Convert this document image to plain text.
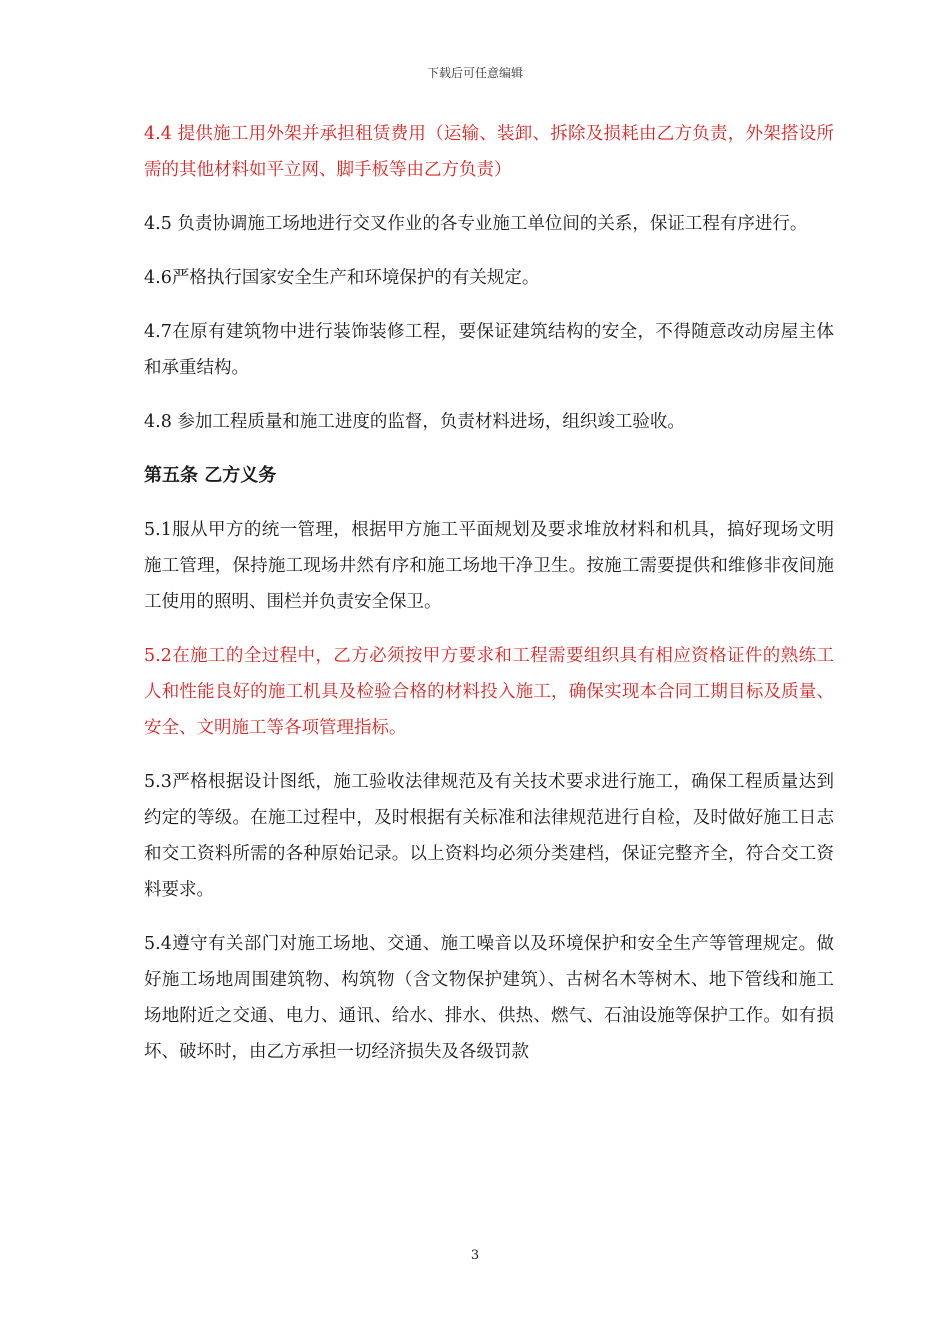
下载后可任意编辑

4.4 提供施工用外架并承担租赁费用（运输、装卸、拆除及损耗由乙方负责，外架搭设所需的其他材料如平立网、脚手板等由乙方负责）

4.5 负责协调施工场地进行交叉作业的各专业施工单位间的关系，保证工程有序进行。

4.6严格执行国家安全生产和环境保护的有关规定。

4.7在原有建筑物中进行装饰装修工程，要保证建筑结构的安全，不得随意改动房屋主体和承重结构。

4.8 参加工程质量和施工进度的监督，负责材料进场，组织竣工验收。

第五条 乙方义务

5.1服从甲方的统一管理，根据甲方施工平面规划及要求堆放材料和机具，搞好现场文明施工管理，保持施工现场井然有序和施工场地干净卫生。按施工需要提供和维修非夜间施工使用的照明、围栏并负责安全保卫。

5.2在施工的全过程中，乙方必须按甲方要求和工程需要组织具有相应资格证件的熟练工人和性能良好的施工机具及检验合格的材料投入施工，确保实现本合同工期目标及质量、安全、文明施工等各项管理指标。

5.3严格根据设计图纸，施工验收法律规范及有关技术要求进行施工，确保工程质量达到约定的等级。在施工过程中，及时根据有关标准和法律规范进行自检，及时做好施工日志和交工资料所需的各种原始记录。以上资料均必须分类建档，保证完整齐全，符合交工资料要求。

5.4遵守有关部门对施工场地、交通、施工噪音以及环境保护和安全生产等管理规定。做好施工场地周围建筑物、构筑物（含文物保护建筑）、古树名木等树木、地下管线和施工场地附近之交通、电力、通讯、给水、排水、供热、燃气、石油设施等保护工作。如有损坏、破坏时，由乙方承担一切经济损失及各级罚款

3
